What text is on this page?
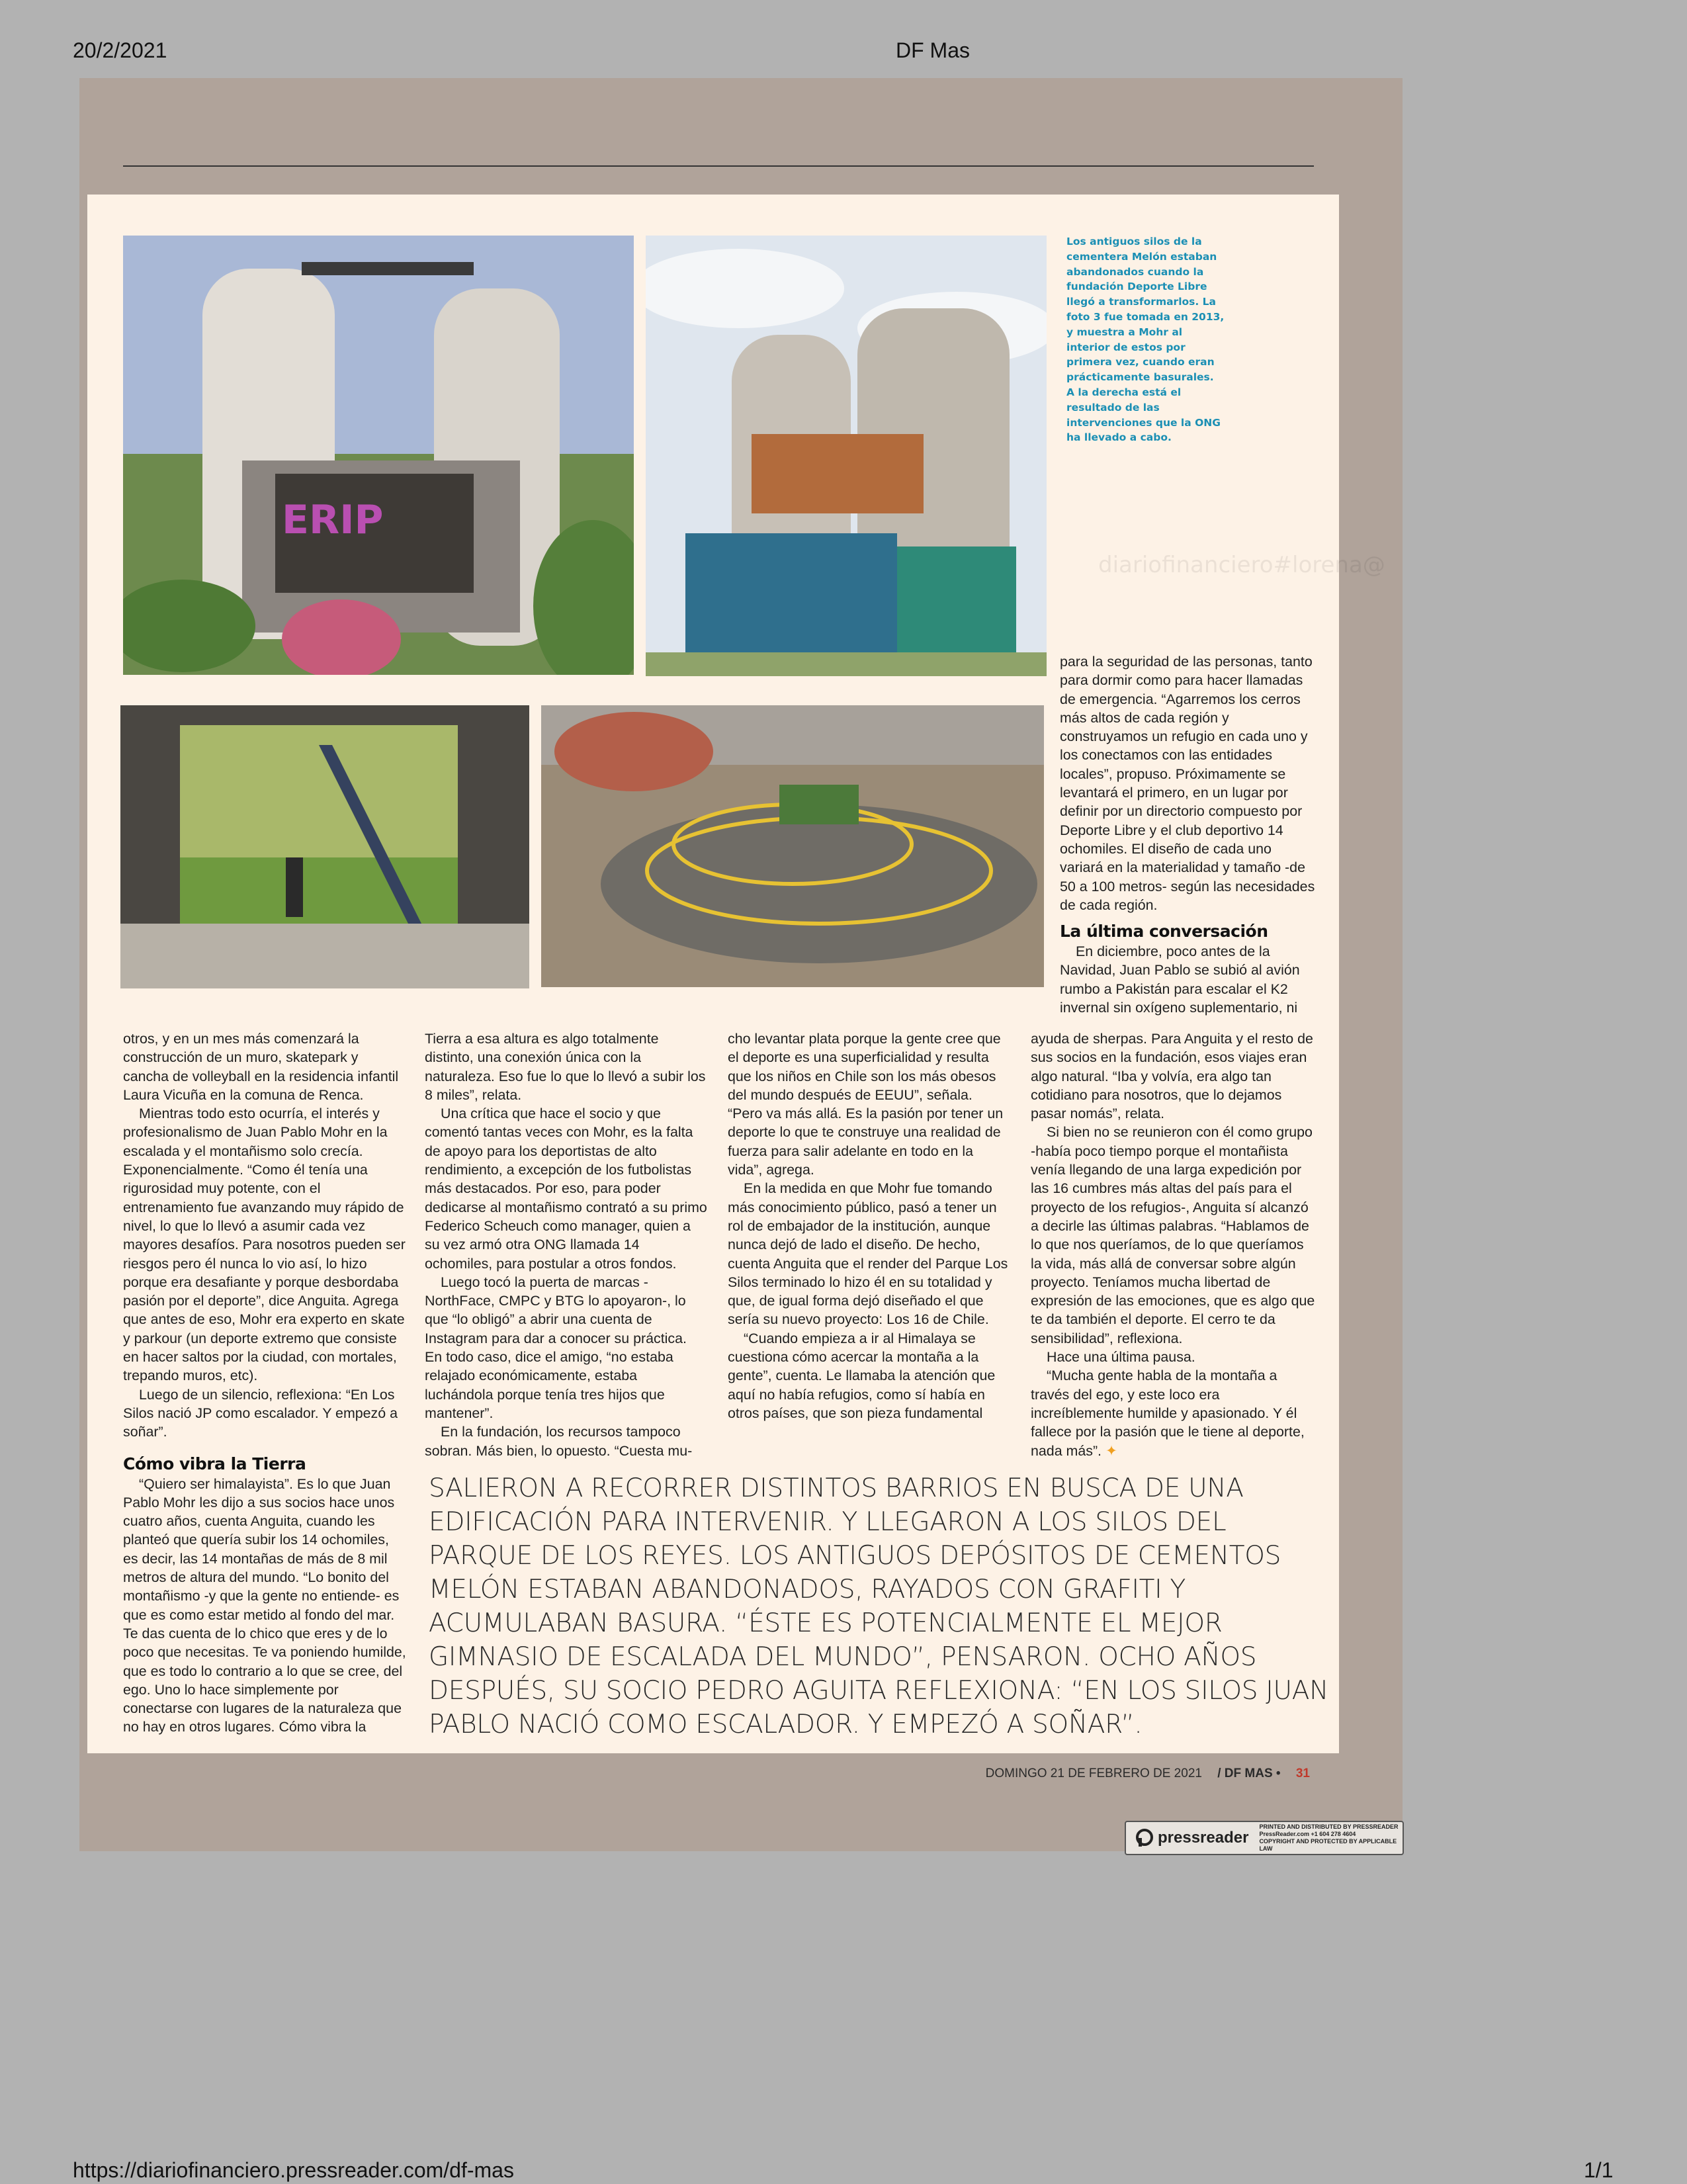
20/2/2021	DF Mas
ERIP
Los antiguos silos de la cementera Melón estaban abandonados cuando la fundación Deporte Libre llegó a transformarlos. La foto 3 fue tomada en 2013, y muestra a Mohr al interior de estos por primera vez, cuando eran prácticamente basurales. A la derecha está el resultado de las intervenciones que la ONG ha llevado a cabo.

para la seguridad de las personas, tanto para dormir como para hacer llamadas de emergencia. “Agarremos los cerros más altos de cada región y construyamos un refugio en cada uno y los conectamos con las entidades locales”, propuso. Próximamente se levantará el primero, en un lugar por definir por un directorio compuesto por Deporte Libre y el club deportivo 14 ochomiles. El diseño de cada uno variará en la materialidad y tamaño -de 50 a 100 metros- según las necesidades de cada región.

La última conversación

En diciembre, poco antes de la Navidad, Juan Pablo se subió al avión rumbo a Pakistán para escalar el K2 invernal sin oxígeno suplementario, ni

otros, y en un mes más comenzará la construcción de un muro, skatepark y cancha de volleyball en la residencia infantil Laura Vicuña en la comuna de Renca.

Mientras todo esto ocurría, el interés y profesionalismo de Juan Pablo Mohr en la escalada y el montañismo solo crecía. Exponencialmente. “Como él tenía una rigurosidad muy potente, con el entrenamiento fue avanzando muy rápido de nivel, lo que lo llevó a asumir cada vez mayores desafíos. Para nosotros pueden ser riesgos pero él nunca lo vio así, lo hizo porque era desafiante y porque desbordaba pasión por el deporte”, dice Anguita. Agrega que antes de eso, Mohr era experto en skate y parkour (un deporte extremo que consiste en hacer saltos por la ciudad, con mortales, trepando muros, etc).

Luego de un silencio, reflexiona: “En Los Silos nació JP como escalador. Y empezó a soñar”.

Cómo vibra la Tierra

“Quiero ser himalayista”. Es lo que Juan Pablo Mohr les dijo a sus socios hace unos cuatro años, cuenta Anguita, cuando les planteó que quería subir los 14 ochomiles, es decir, las 14 montañas de más de 8 mil metros de altura del mundo. “Lo bonito del montañismo -y que la gente no entiende- es que es como estar metido al fondo del mar. Te das cuenta de lo chico que eres y de lo poco que necesitas. Te va poniendo humilde, que es todo lo contrario a lo que se cree, del ego. Uno lo hace simplemente por conectarse con lugares de la naturaleza que no hay en otros lugares. Cómo vibra la

Tierra a esa altura es algo totalmente distinto, una conexión única con la naturaleza. Eso fue lo que lo llevó a subir los 8 miles”, relata.

Una crítica que hace el socio y que comentó tantas veces con Mohr, es la falta de apoyo para los deportistas de alto rendimiento, a excepción de los futbolistas más destacados. Por eso, para poder dedicarse al montañismo contrató a su primo Federico Scheuch como manager, quien a su vez armó otra ONG llamada 14 ochomiles, para postular a otros fondos.

Luego tocó la puerta de marcas -NorthFace, CMPC y BTG lo apoyaron-, lo que “lo obligó” a abrir una cuenta de Instagram para dar a conocer su práctica. En todo caso, dice el amigo, “no estaba relajado económicamente, estaba luchándola porque tenía tres hijos que mantener”.

En la fundación, los recursos tampoco sobran. Más bien, lo opuesto. “Cuesta mu-

cho levantar plata porque la gente cree que el deporte es una superficialidad y resulta que los niños en Chile son los más obesos del mundo después de EEUU”, señala. “Pero va más allá. Es la pasión por tener un deporte lo que te construye una realidad de fuerza para salir adelante en todo en la vida”, agrega.

En la medida en que Mohr fue tomando más conocimiento público, pasó a tener un rol de embajador de la institución, aunque nunca dejó de lado el diseño. De hecho, cuenta Anguita que el render del Parque Los Silos terminado lo hizo él en su totalidad y que, de igual forma dejó diseñado el que sería su nuevo proyecto: Los 16 de Chile.

“Cuando empieza a ir al Himalaya se cuestiona cómo acercar la montaña a la gente”, cuenta. Le llamaba la atención que aquí no había refugios, como sí había en otros países, que son pieza fundamental

ayuda de sherpas. Para Anguita y el resto de sus socios en la fundación, esos viajes eran algo natural. “Iba y volvía, era algo tan cotidiano para nosotros, que lo dejamos pasar nomás”, relata.

Si bien no se reunieron con él como grupo -había poco tiempo porque el montañista venía llegando de una larga expedición por las 16 cumbres más altas del país para el proyecto de los refugios-, Anguita sí alcanzó a decirle las últimas palabras. “Hablamos de lo que nos queríamos, de lo que queríamos la vida, más allá de conversar sobre algún proyecto. Teníamos mucha libertad de expresión de las emociones, que es algo que te da también el deporte. El cerro te da sensibilidad”, reflexiona.

Hace una última pausa.

“Mucha gente habla de la montaña a través del ego, y este loco era increíblemente humilde y apasionado. Y él fallece por la pasión que le tiene al deporte, nada más”. ✦

SALIERON A RECORRER DISTINTOS BARRIOS EN BUSCA DE UNA EDIFICACIÓN PARA INTERVENIR. Y LLEGARON A LOS SILOS DEL PARQUE DE LOS REYES. LOS ANTIGUOS DEPÓSITOS DE CEMENTOS MELÓN ESTABAN ABANDONADOS, RAYADOS CON GRAFITI Y ACUMULABAN BASURA. “ÉSTE ES POTENCIALMENTE EL MEJOR GIMNASIO DE ESCALADA DEL MUNDO”, PENSARON. OCHO AÑOS DESPUÉS, SU SOCIO PEDRO AGUITA REFLEXIONA: “EN LOS SILOS JUAN PABLO NACIÓ COMO ESCALADOR. Y EMPEZÓ A SOÑAR”.
diariofinanciero#lorena@
DOMINGO 21 DE FEBRERO DE 2021 / DF MAS • 31
pressreader
PRINTED AND DISTRIBUTED BY PRESSREADER
PressReader.com +1 604 278 4604
COPYRIGHT AND PROTECTED BY APPLICABLE LAW
https://diariofinanciero.pressreader.com/df-mas	1/1
